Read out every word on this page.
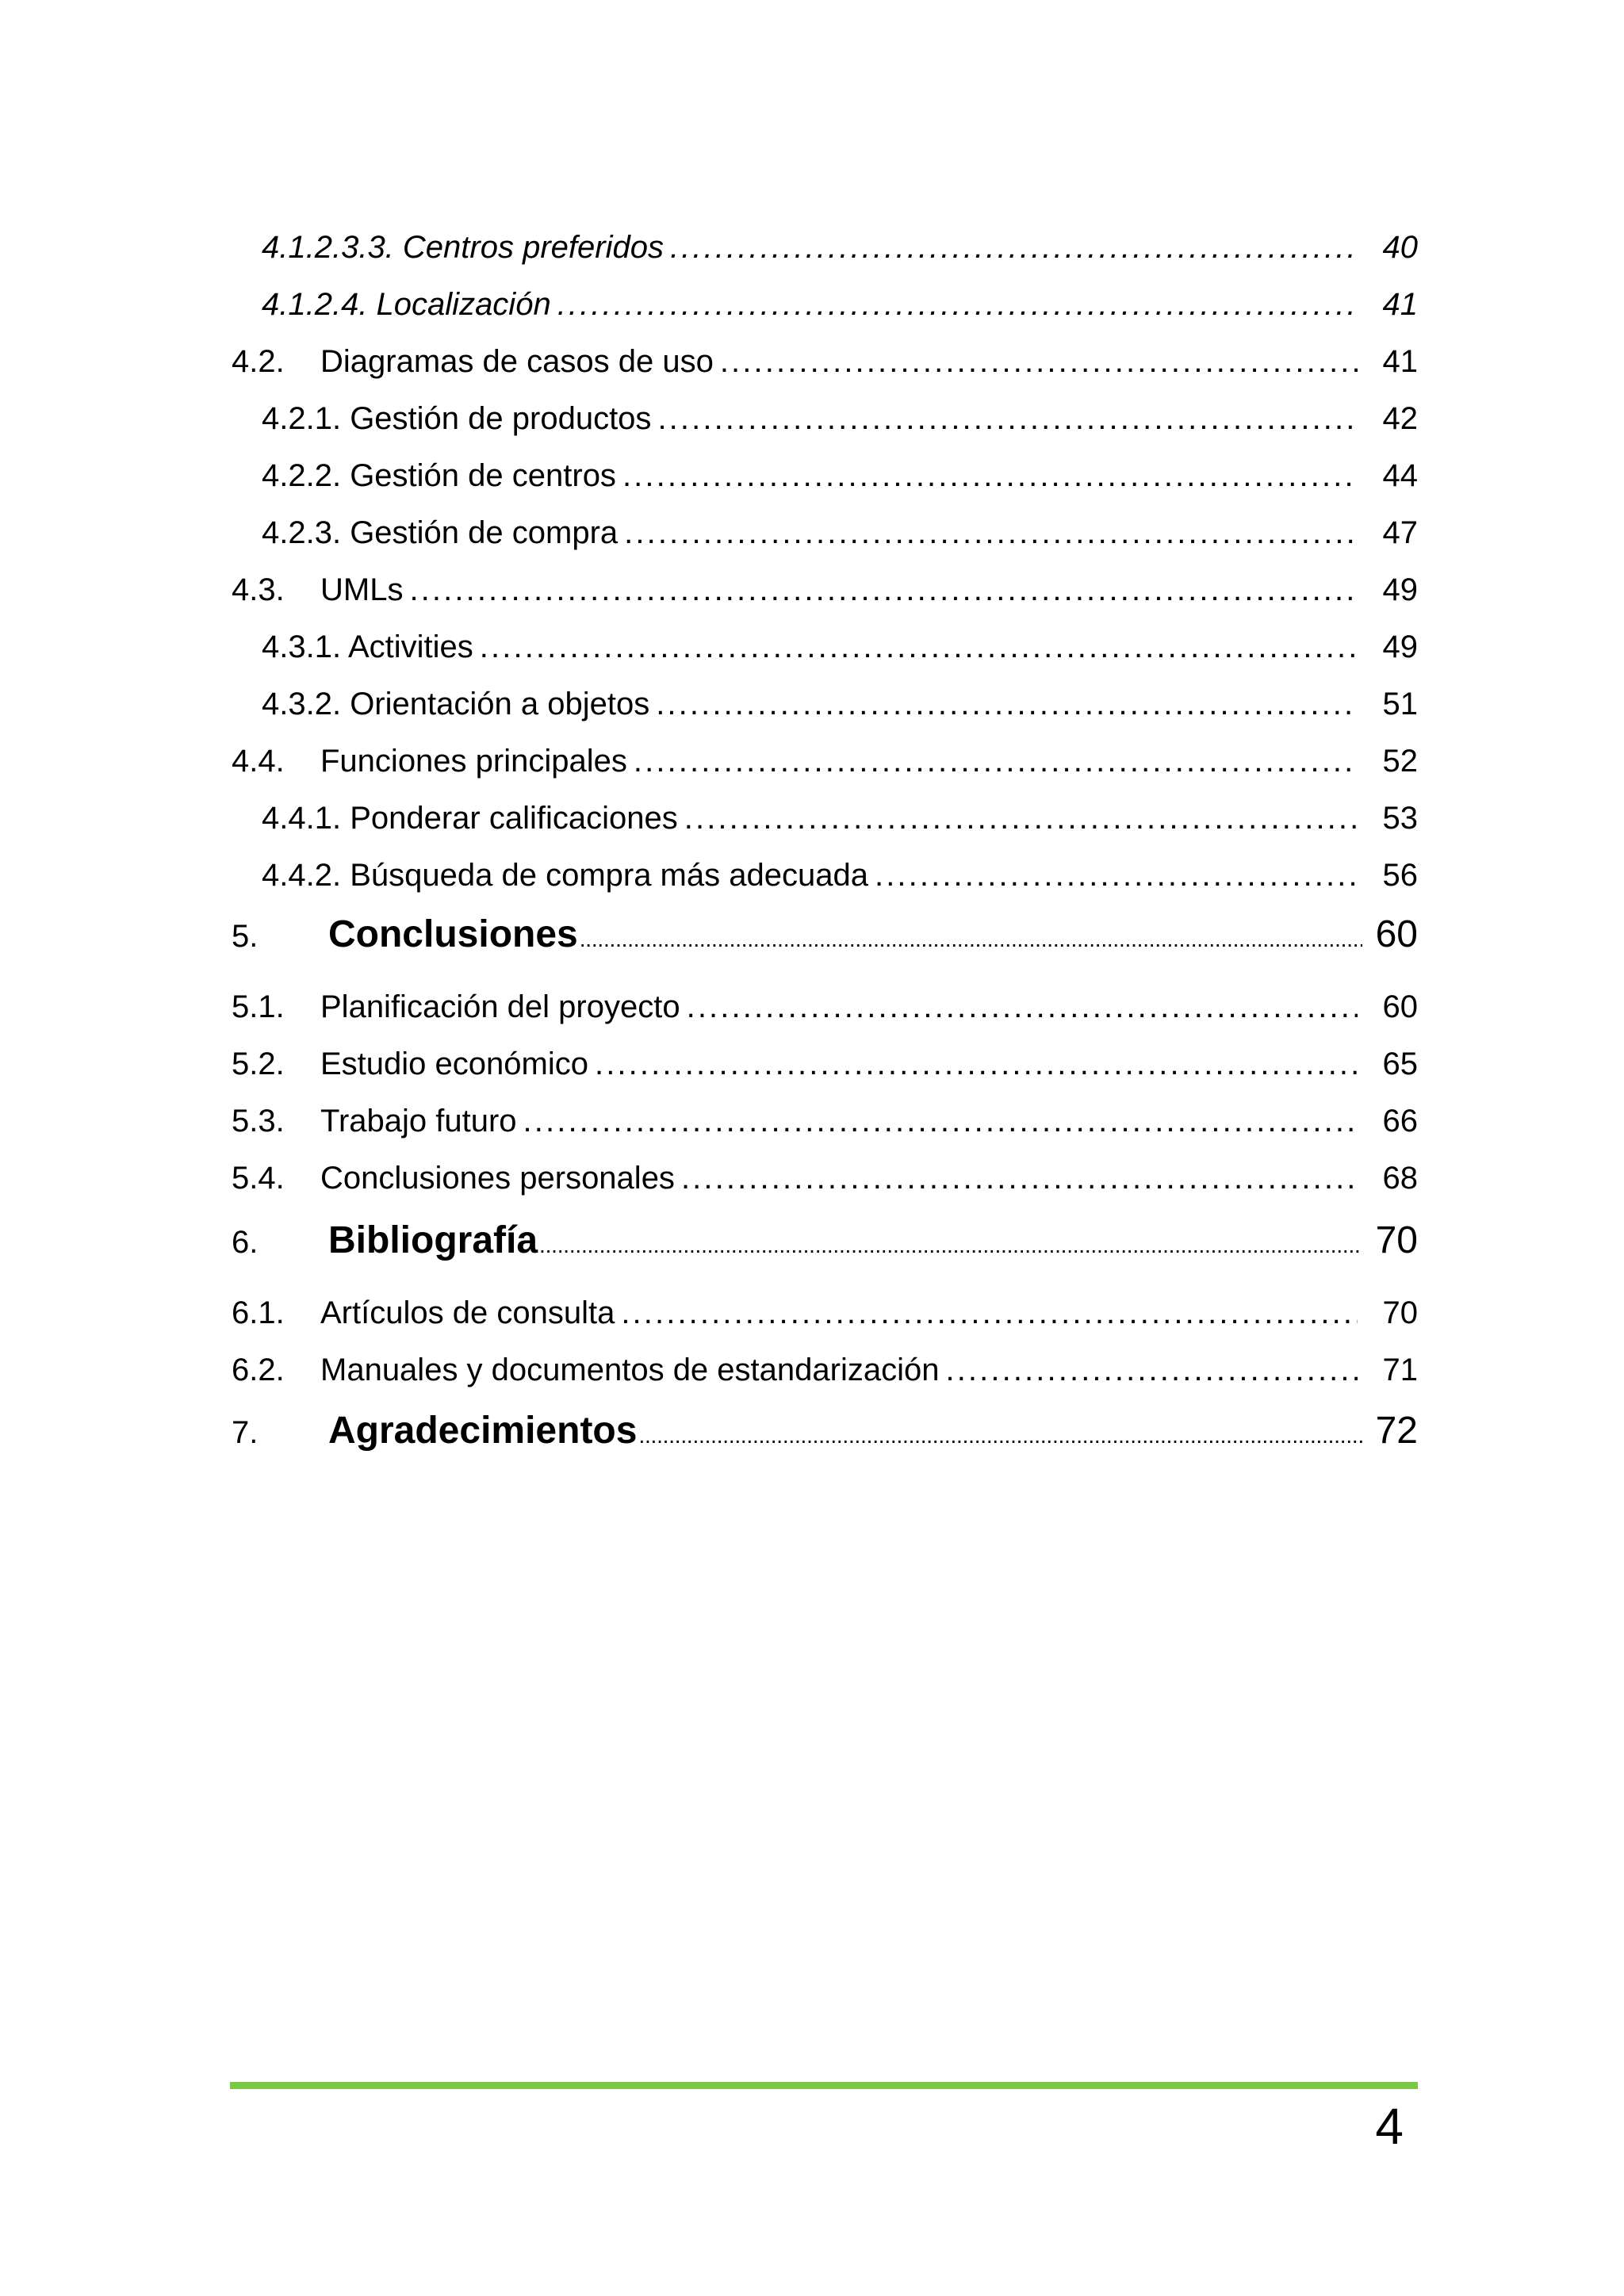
4.1.2.3.3. Centros preferidos . . .	40
4.1.2.4. Localización . . .	41
4.2.	Diagramas de casos de uso . . .	41
4.2.1. Gestión de productos . . .	42
4.2.2. Gestión de centros . . .	44
4.2.3. Gestión de compra . . .	47
4.3.	UMLs . . .	49
4.3.1. Activities . . .	49
4.3.2. Orientación a objetos . . .	51
4.4.	Funciones principales . . .	52
4.4.1. Ponderar calificaciones . . .	53
4.4.2. Búsqueda de compra más adecuada . . .	56
5.	Conclusiones . . .	60
5.1.	Planificación del proyecto . . .	60
5.2.	Estudio económico . . .	65
5.3.	Trabajo futuro . . .	66
5.4.	Conclusiones personales . . .	68
6.	Bibliografía . . .	70
6.1.	Artículos de consulta . . .	70
6.2.	Manuales y documentos de estandarización . . .	71
7.	Agradecimientos . . .	72
4
